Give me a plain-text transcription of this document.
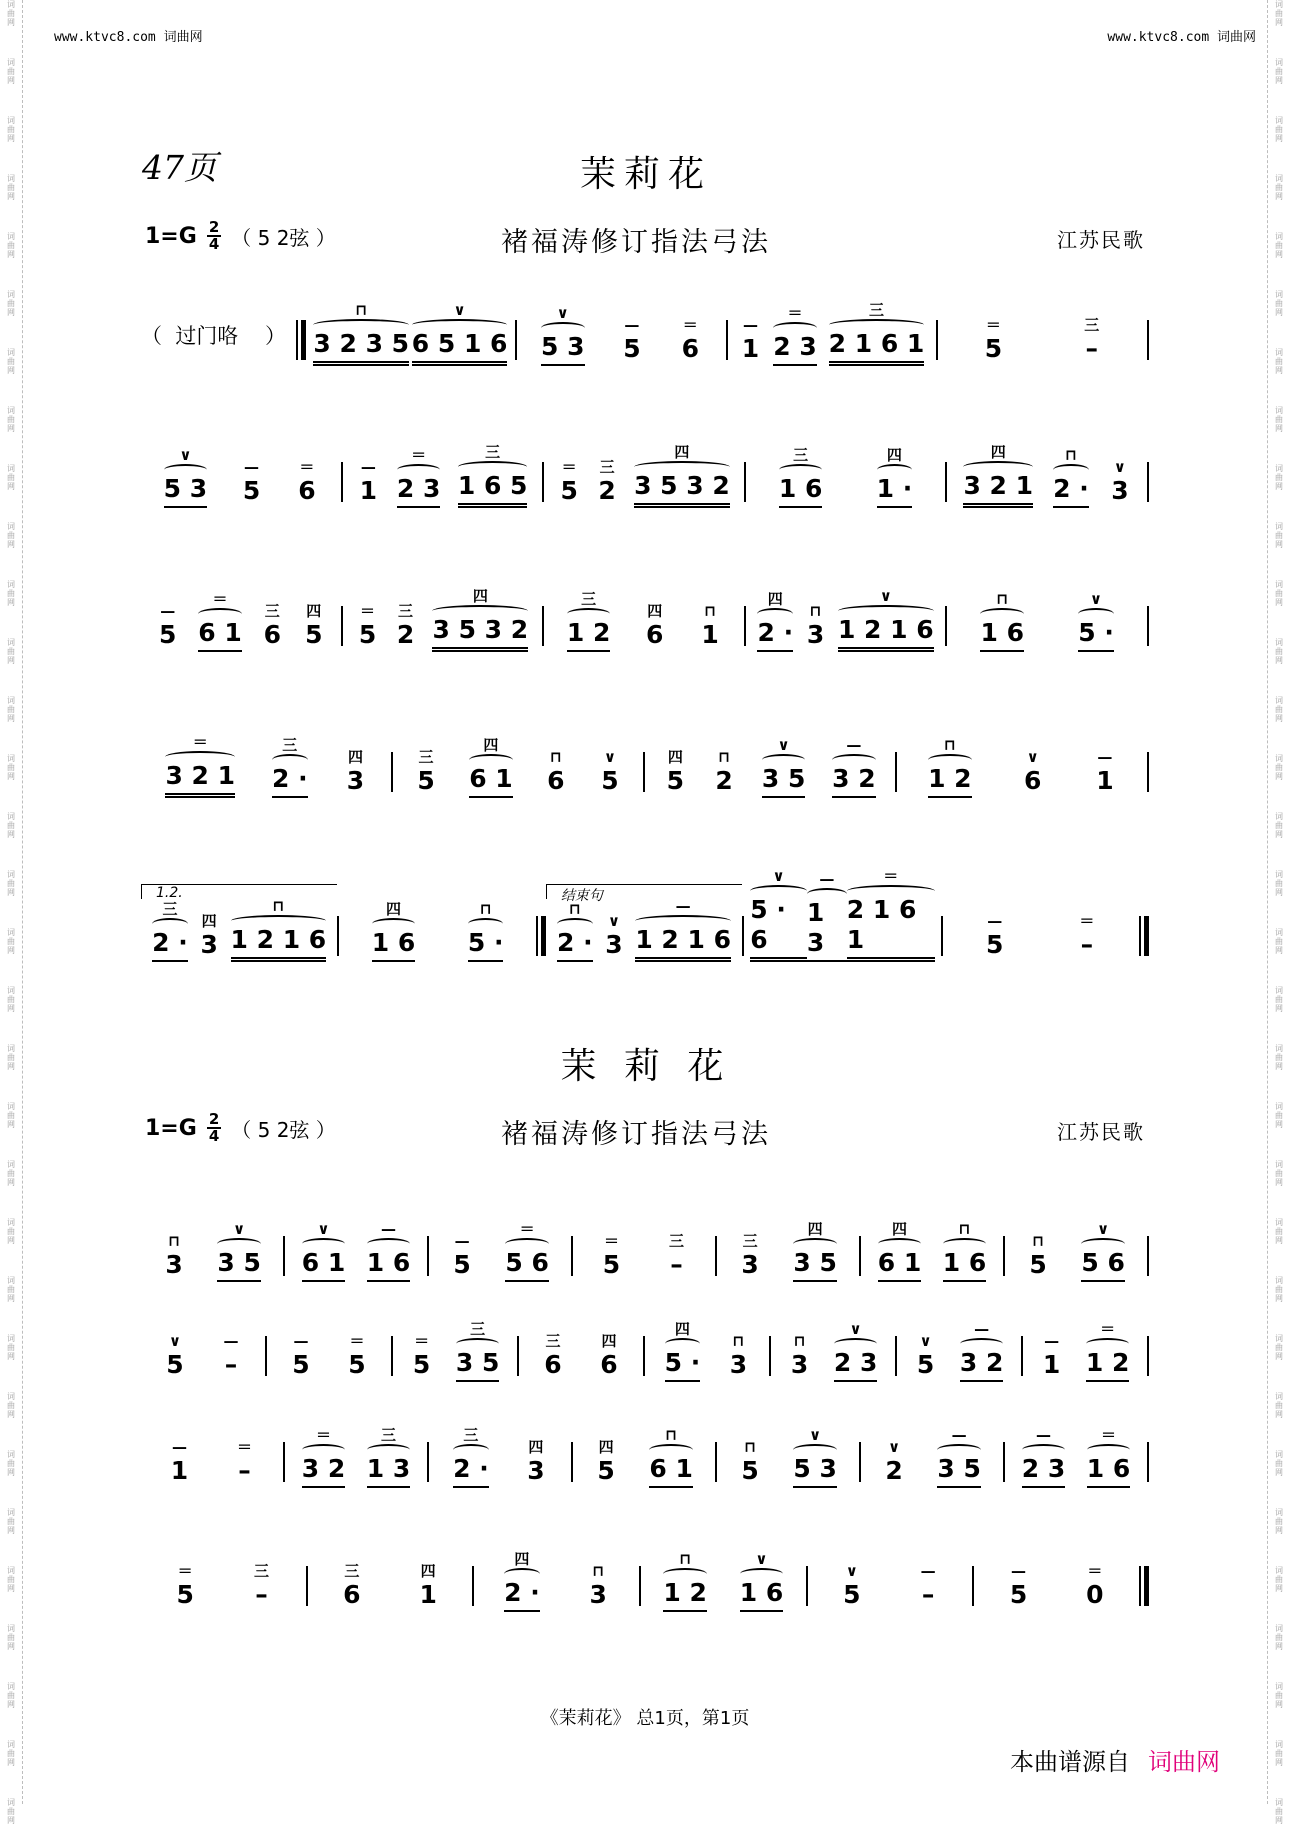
词
曲
网
词
曲
网
词
曲
网
词
曲
网
词
曲
网
词
曲
网
词
曲
网
词
曲
网
词
曲
网
词
曲
网
词
曲
网
词
曲
网
词
曲
网
词
曲
网
词
曲
网
词
曲
网
词
曲
网
词
曲
网
词
曲
网
词
曲
网
词
曲
网
词
曲
网
词
曲
网
词
曲
网
词
曲
网
词
曲
网
词
曲
网
词
曲
网
词
曲
网
词
曲
网
词
曲
网
词
曲
网
词
曲
网
词
曲
网
词
曲
网
词
曲
网
词
曲
网
词
曲
网
词
曲
网
词
曲
网
词
曲
网
词
曲
网
词
曲
网
词
曲
网
词
曲
网
词
曲
网
词
曲
网
词
曲
网
词
曲
网
词
曲
网
词
曲
网
词
曲
网
词
曲
网
词
曲
网
词
曲
网
词
曲
网
词
曲
网
词
曲
网
词
曲
网
词
曲
网
词
曲
网
词
曲
网
词
曲
网
词
曲
网
www.ktvc8.com 词曲网	www.ktvc8.com 词曲网
47页	茉莉花
$1=G \frac{2}{4}$ （ 5 2弦 ）	褚福涛修订指法弓法	江苏民歌
（  过门咯    ）
⊓
3 2 3 5
∨
6 5 1 6
∨
5 3
—
5
＝
6
—
1
＝
2 3
三
2 1 6 1
＝
5
三
–
∨
5 3
—
5
＝
6
—
1
＝
2 3
三
1 6 5
＝
5
三
2
四
3 5 3 2
三
1 6
四
1 ·
四
3 2 1
⊓
2 ·
∨
3
—
5
＝
6 1
三
6
四
5
＝
5
三
2
四
3 5 3 2
三
1 2
四
6
⊓
1
四
2 ·
⊓
3
∨
1 2 1 6
⊓
1 6
∨
5 ·
＝
3 2 1
三
2 ·
四
3
三
5
四
6 1
⊓
6
∨
5
四
5
⊓
2
∨
3 5
—
3 2
⊓
1 2
∨
6
—
1
1.2.
三
2 ·
四
3
⊓
1 2 1 6
四
1 6
⊓
5 ·
结束句
⊓
2 ·
∨
3
—
1 2 1 6
∨
5 · 6
—
1 3
＝
2 1 6 1
—
5
＝
–
茉 莉 花
$1=G \frac{2}{4}$ （ 5 2弦 ）	褚福涛修订指法弓法	江苏民歌
⊓
3
∨
3 5
∨
6 1
—
1 6
—
5
＝
5 6
＝
5
三
–
三
3
四
3 5
四
6 1
⊓
1 6
⊓
5
∨
5 6
∨
5
—
–
—
5
＝
5
＝
5
三
3 5
三
6
四
6
四
5 ·
⊓
3
⊓
3
∨
2 3
∨
5
—
3 2
—
1
＝
1 2
—
1
＝
–
＝
3 2
三
1 3
三
2 ·
四
3
四
5
⊓
6 1
⊓
5
∨
5 3
∨
2
—
3 5
—
2 3
＝
1 6
＝
5
三
–
三
6
四
1
四
2 ·
⊓
3
⊓
1 2
∨
1 6
∨
5
—
–
—
5
＝
0
《茉莉花》 总1页，第1页
本曲谱源自 词曲网
